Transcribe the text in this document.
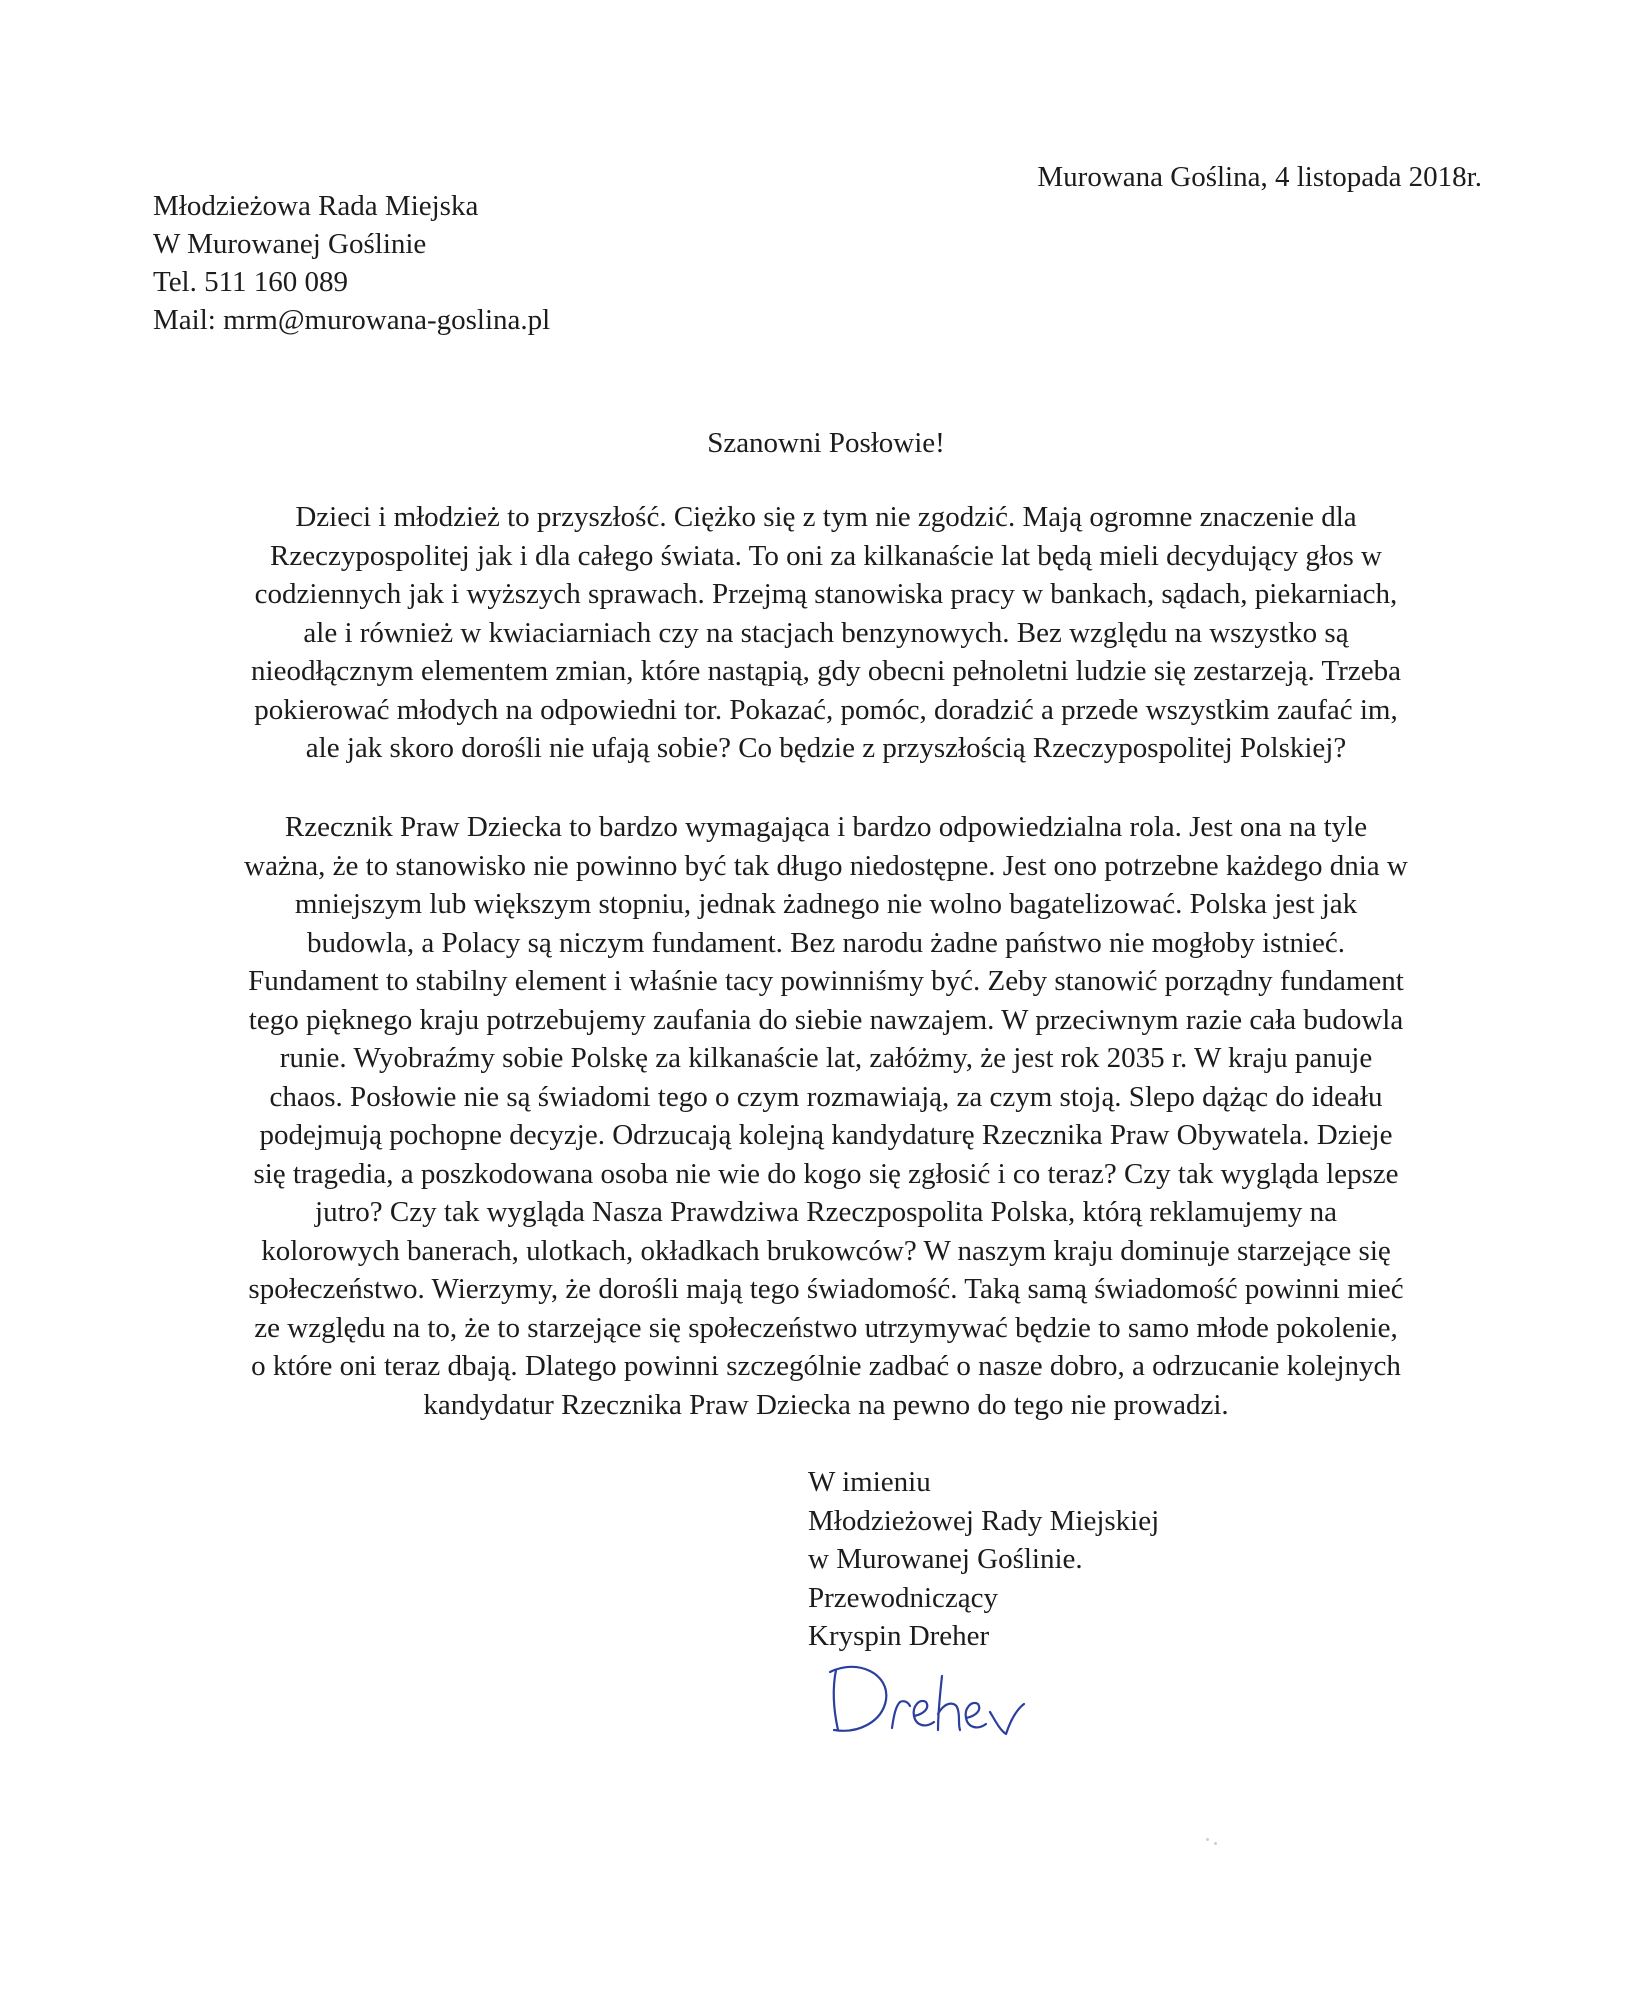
Murowana Goślina, 4 listopada 2018r.
Młodzieżowa Rada Miejska
W Murowanej Goślinie
Tel. 511 160 089
Mail: mrm@murowana-goslina.pl
Szanowni Posłowie!
Dzieci i młodzież to przyszłość. Ciężko się z tym nie zgodzić. Mają ogromne znaczenie dla
Rzeczypospolitej jak i dla całego świata. To oni za kilkanaście lat będą mieli decydujący głos w
codziennych jak i wyższych sprawach. Przejmą stanowiska pracy w bankach, sądach, piekarniach,
ale i również w kwiaciarniach czy na stacjach benzynowych. Bez względu na wszystko są
nieodłącznym elementem zmian, które nastąpią, gdy obecni pełnoletni ludzie się zestarzeją. Trzeba
pokierować młodych na odpowiedni tor. Pokazać, pomóc, doradzić a przede wszystkim zaufać im,
ale jak skoro dorośli nie ufają sobie? Co będzie z przyszłością Rzeczypospolitej Polskiej?
Rzecznik Praw Dziecka to bardzo wymagająca i bardzo odpowiedzialna rola. Jest ona na tyle
ważna, że to stanowisko nie powinno być tak długo niedostępne. Jest ono potrzebne każdego dnia w
mniejszym lub większym stopniu, jednak żadnego nie wolno bagatelizować. Polska jest jak
budowla, a Polacy są niczym fundament. Bez narodu żadne państwo nie mogłoby istnieć.
Fundament to stabilny element i właśnie tacy powinniśmy być. Zeby stanowić porządny fundament
tego pięknego kraju potrzebujemy zaufania do siebie nawzajem. W przeciwnym razie cała budowla
runie. Wyobraźmy sobie Polskę za kilkanaście lat, załóżmy, że jest rok 2035 r. W kraju panuje
chaos. Posłowie nie są świadomi tego o czym rozmawiają, za czym stoją. Slepo dążąc do ideału
podejmują pochopne decyzje. Odrzucają kolejną kandydaturę Rzecznika Praw Obywatela. Dzieje
się tragedia, a poszkodowana osoba nie wie do kogo się zgłosić i co teraz? Czy tak wygląda lepsze
jutro? Czy tak wygląda Nasza Prawdziwa Rzeczpospolita Polska, którą reklamujemy na
kolorowych banerach, ulotkach, okładkach brukowców? W naszym kraju dominuje starzejące się
społeczeństwo. Wierzymy, że dorośli mają tego świadomość. Taką samą świadomość powinni mieć
ze względu na to, że to starzejące się społeczeństwo utrzymywać będzie to samo młode pokolenie,
o które oni teraz dbają. Dlatego powinni szczególnie zadbać o nasze dobro, a odrzucanie kolejnych
kandydatur Rzecznika Praw Dziecka na pewno do tego nie prowadzi.
W imieniu
Młodzieżowej Rady Miejskiej
w Murowanej Goślinie.
Przewodniczący
Kryspin Dreher
